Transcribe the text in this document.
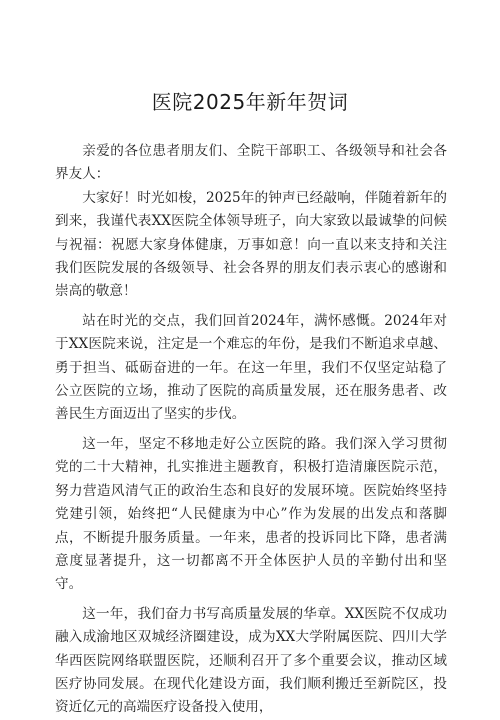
医院2025年新年贺词

亲爱的各位患者朋友们、全院干部职工、各级领导和社会各界友人：

大家好！时光如梭，2025年的钟声已经敲响，伴随着新年的到来，我谨代表XX医院全体领导班子，向大家致以最诚挚的问候与祝福：祝愿大家身体健康，万事如意！向一直以来支持和关注我们医院发展的各级领导、社会各界的朋友们表示衷心的感谢和崇高的敬意！

站在时光的交点，我们回首2024年，满怀感慨。2024年对于XX医院来说，注定是一个难忘的年份，是我们不断追求卓越、勇于担当、砥砺奋进的一年。在这一年里，我们不仅坚定站稳了公立医院的立场，推动了医院的高质量发展，还在服务患者、改善民生方面迈出了坚实的步伐。

这一年，坚定不移地走好公立医院的路。我们深入学习贯彻党的二十大精神，扎实推进主题教育，积极打造清廉医院示范，努力营造风清气正的政治生态和良好的发展环境。医院始终坚持党建引领，始终把“人民健康为中心”作为发展的出发点和落脚点，不断提升服务质量。一年来，患者的投诉同比下降，患者满意度显著提升，这一切都离不开全体医护人员的辛勤付出和坚守。

这一年，我们奋力书写高质量发展的华章。XX医院不仅成功融入成渝地区双城经济圈建设，成为XX大学附属医院、四川大学华西医院网络联盟医院，还顺利召开了多个重要会议，推动区域医疗协同发展。在现代化建设方面，我们顺利搬迁至新院区，投资近亿元的高端医疗设备投入使用，
